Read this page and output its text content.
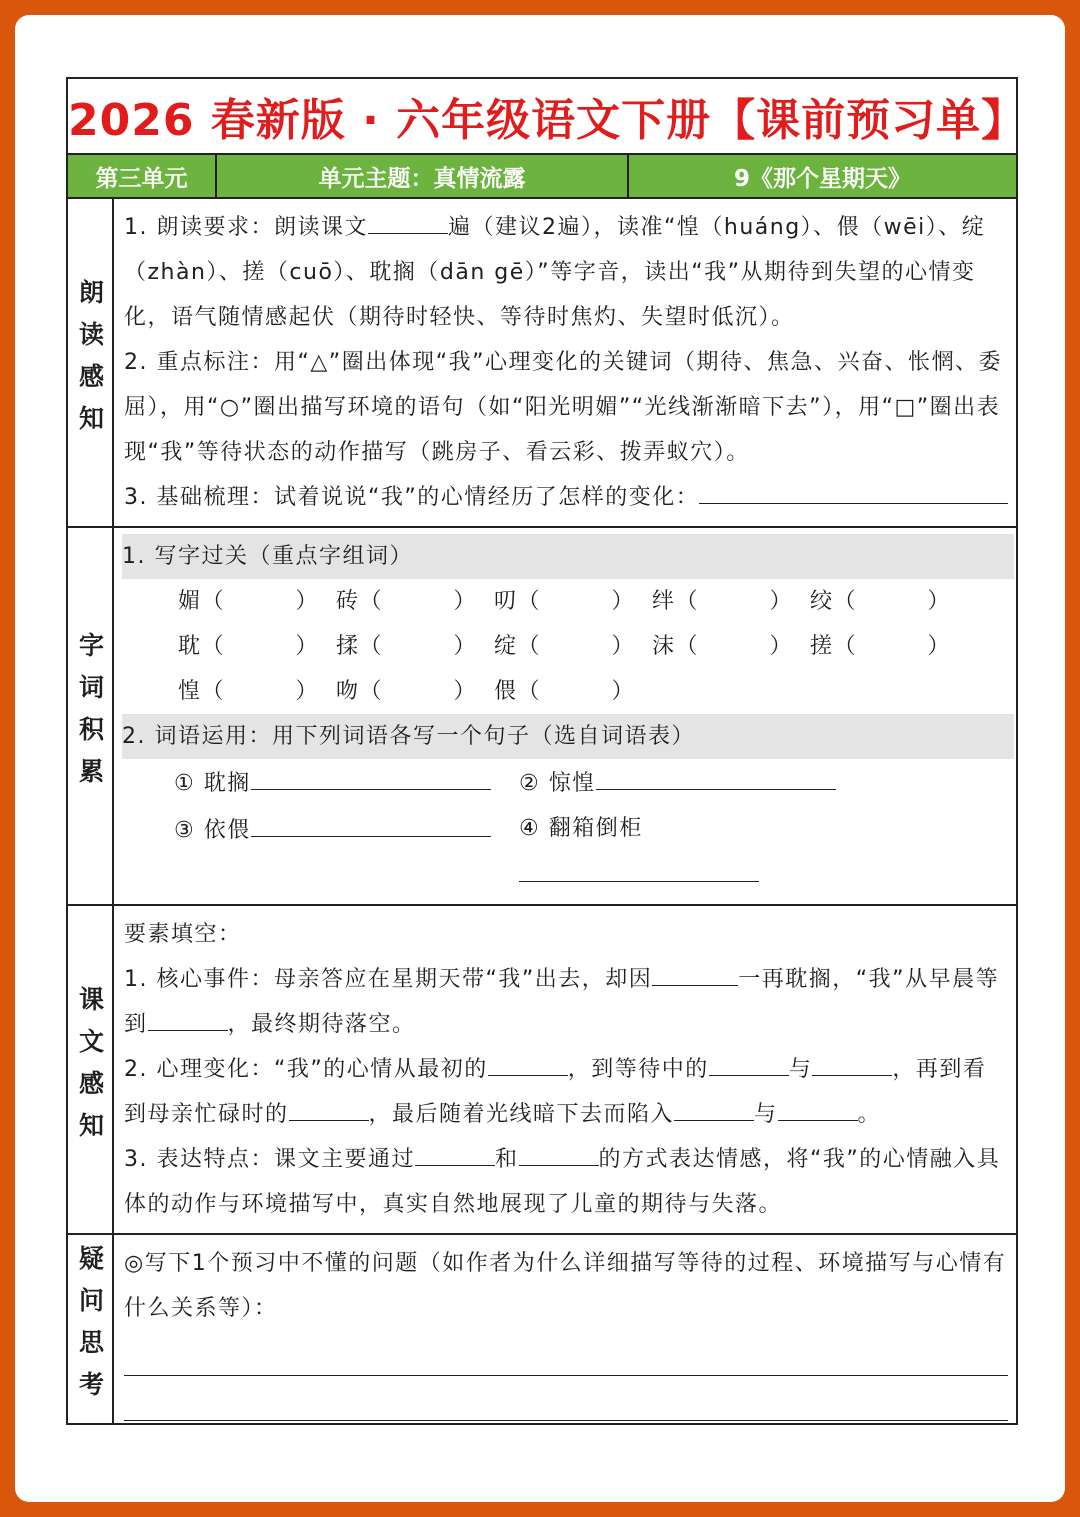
2026 春新版 · 六年级语文下册【课前预习单】
第三单元	单元主题：真情流露	9《那个星期天》
朗读感知
1. 朗读要求：朗读课文	遍（建议2遍），读准“惶（huáng）、偎（wēi）、绽（zhàn）、搓（cuō）、耽搁（dān gē）”等字音，读出“我”从期待到失望的心情变化，语气随情感起伏（期待时轻快、等待时焦灼、失望时低沉）。
2. 重点标注：用“△”圈出体现“我”心理变化的关键词（期待、焦急、兴奋、怅惘、委屈），用“○”圈出描写环境的语句（如“阳光明媚”“光线渐渐暗下去”），用“□”圈出表现“我”等待状态的动作描写（跳房子、看云彩、拨弄蚁穴）。
3. 基础梳理：试着说说“我”的心情经历了怎样的变化：
字词积累
1. 写字过关（重点字组词）
媚（　　　） 砖（　　　） 叨（　　　） 绊（　　　） 绞（　　　）
耽（　　　） 揉（　　　） 绽（　　　） 沫（　　　） 搓（　　　）
惶（　　　） 吻（　　　） 偎（　　　）
2. 词语运用：用下列词语各写一个句子（选自词语表）
① 耽搁	② 惊惶
③ 依偎	④ 翻箱倒柜
课文感知
要素填空：
1. 核心事件：母亲答应在星期天带“我”出去，却因	一再耽搁，“我”从早晨等到	，最终期待落空。
2. 心理变化：“我”的心情从最初的	，到等待中的	与	，再到看到母亲忙碌时的	，最后随着光线暗下去而陷入	与	。
3. 表达特点：课文主要通过	和	的方式表达情感，将“我”的心情融入具体的动作与环境描写中，真实自然地展现了儿童的期待与失落。
疑问思考 ◎写下1个预习中不懂的问题（如作者为什么详细描写等待的过程、环境描写与心情有什么关系等）：
